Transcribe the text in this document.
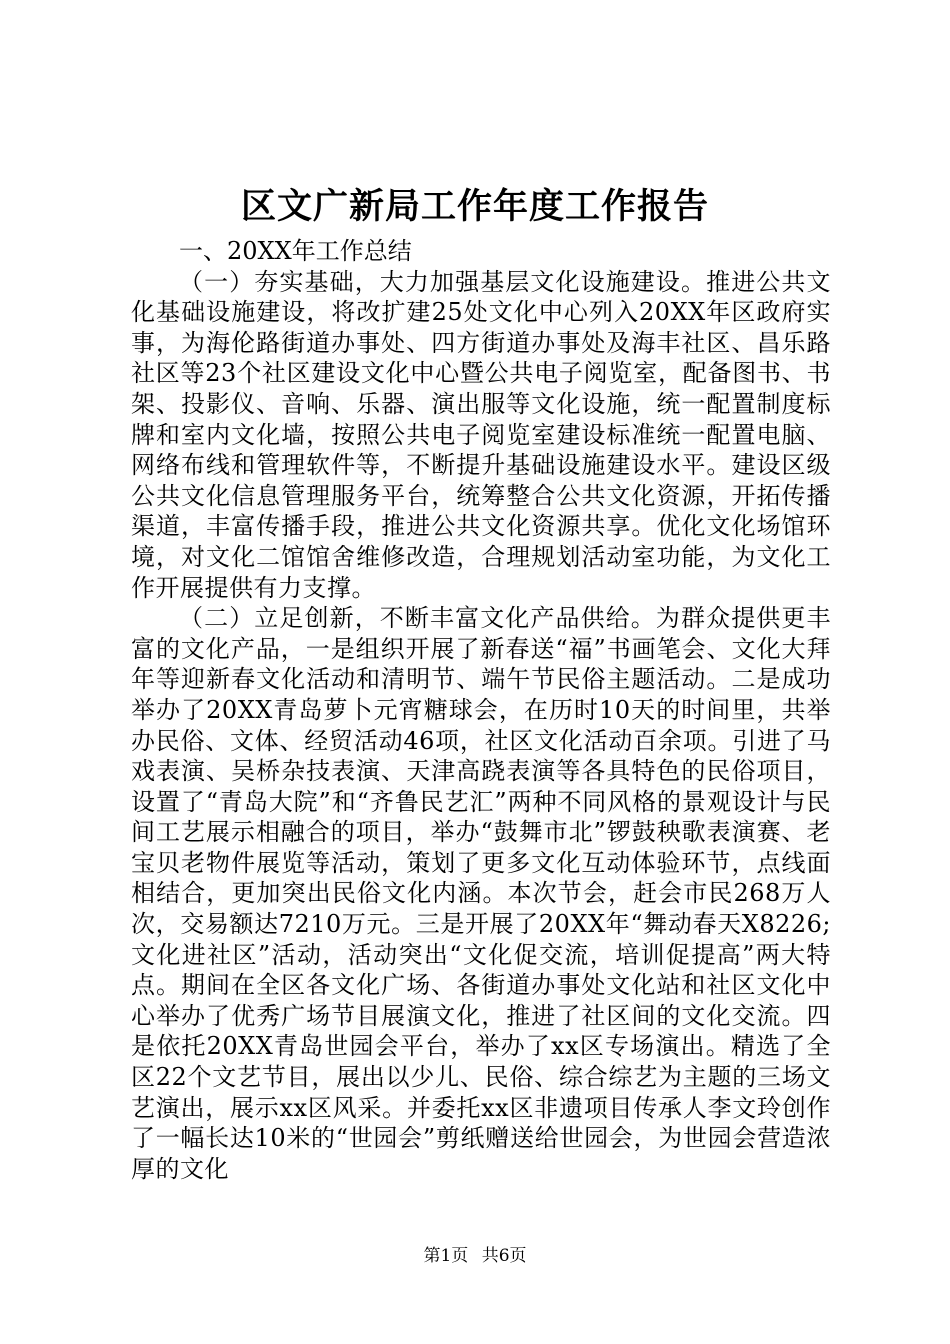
区文广新局工作年度工作报告

一、20XX年工作总结

（一）夯实基础，大力加强基层文化设施建设。推进公共文化基础设施建设，将改扩建25处文化中心列入20XX年区政府实事，为海伦路街道办事处、四方街道办事处及海丰社区、昌乐路社区等23个社区建设文化中心暨公共电子阅览室，配备图书、书架、投影仪、音响、乐器、演出服等文化设施，统一配置制度标牌和室内文化墙，按照公共电子阅览室建设标准统一配置电脑、网络布线和管理软件等，不断提升基础设施建设水平。建设区级公共文化信息管理服务平台，统筹整合公共文化资源，开拓传播渠道，丰富传播手段，推进公共文化资源共享。优化文化场馆环境，对文化二馆馆舍维修改造，合理规划活动室功能，为文化工作开展提供有力支撑。

（二）立足创新，不断丰富文化产品供给。为群众提供更丰富的文化产品，一是组织开展了新春送“福”书画笔会、文化大拜年等迎新春文化活动和清明节、端午节民俗主题活动。二是成功举办了20XX青岛萝卜元宵糖球会，在历时10天的时间里，共举办民俗、文体、经贸活动46项，社区文化活动百余项。引进了马戏表演、吴桥杂技表演、天津高跷表演等各具特色的民俗项目，设置了“青岛大院”和“齐鲁民艺汇”两种不同风格的景观设计与民间工艺展示相融合的项目，举办“鼓舞市北”锣鼓秧歌表演赛、老宝贝老物件展览等活动，策划了更多文化互动体验环节，点线面相结合，更加突出民俗文化内涵。本次节会，赶会市民268万人次，交易额达7210万元。三是开展了20XX年“舞动春天X8226;文化进社区”活动，活动突出“文化促交流，培训促提高”两大特点。期间在全区各文化广场、各街道办事处文化站和社区文化中心举办了优秀广场节目展演文化，推进了社区间的文化交流。四是依托20XX青岛世园会平台，举办了xx区专场演出。精选了全区22个文艺节目，展出以少儿、民俗、综合综艺为主题的三场文艺演出，展示xx区风采。并委托xx区非遗项目传承人李文玲创作了一幅长达10米的“世园会”剪纸赠送给世园会，为世园会营造浓厚的文化

第1页 共6页
